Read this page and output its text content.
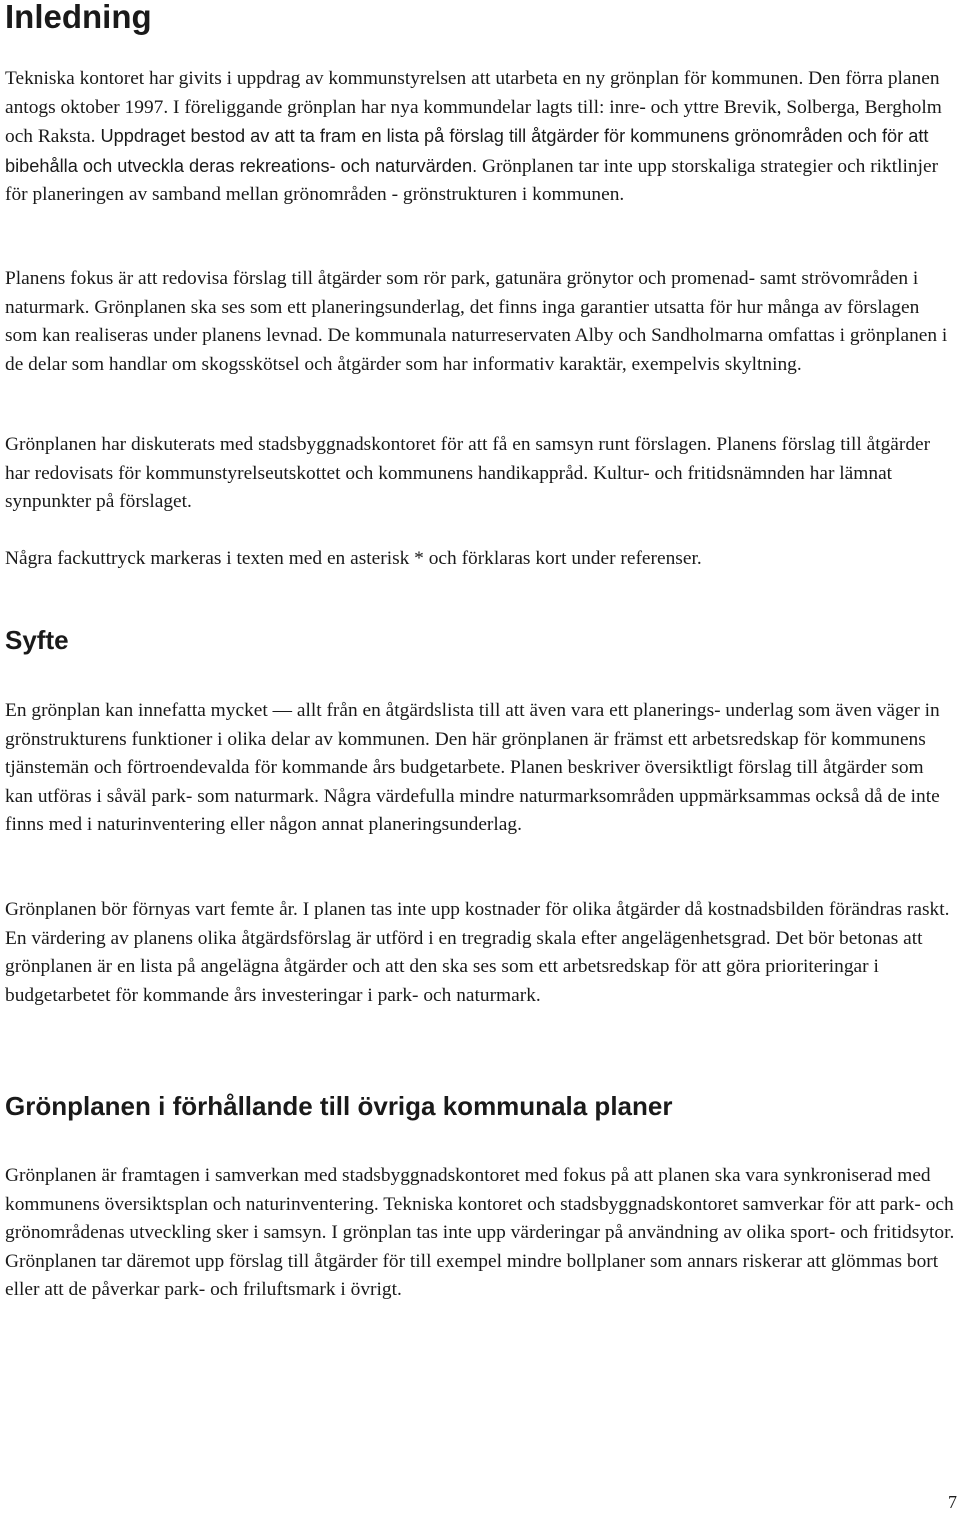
Inledning

Tekniska kontoret har givits i uppdrag av kommunstyrelsen att utarbeta en ny grönplan för kommunen. Den förra planen antogs oktober 1997. I föreliggande grönplan har nya kommundelar lagts till: inre- och yttre Brevik, Solberga, Bergholm och Raksta. Uppdraget bestod av att ta fram en lista på förslag till åtgärder för kommunens grönområden och för att bibehålla och utveckla deras rekreations- och naturvärden. Grönplanen tar inte upp storskaliga strategier och riktlinjer för planeringen av samband mellan grönområden - grönstrukturen i kommunen.

Planens fokus är att redovisa förslag till åtgärder som rör park, gatunära grönytor och promenad- samt strövområden i naturmark. Grönplanen ska ses som ett planeringsunderlag, det finns inga garantier utsatta för hur många av förslagen som kan realiseras under planens levnad. De kommunala naturreservaten Alby och Sandholmarna omfattas i grönplanen i de delar som handlar om skogsskötsel och åtgärder som har informativ karaktär, exempelvis skyltning.

Grönplanen har diskuterats med stadsbyggnadskontoret för att få en samsyn runt förslagen. Planens förslag till åtgärder har redovisats för kommunstyrelseutskottet och kommunens handikappråd. Kultur- och fritidsnämnden har lämnat synpunkter på förslaget.

Några fackuttryck markeras i texten med en asterisk * och förklaras kort under referenser.

Syfte

En grönplan kan innefatta mycket — allt från en åtgärdslista till att även vara ett planerings- underlag som även väger in grönstrukturens funktioner i olika delar av kommunen. Den här grönplanen är främst ett arbetsredskap för kommunens tjänstemän och förtroendevalda för kommande års budgetarbete. Planen beskriver översiktligt förslag till åtgärder som kan utföras i såväl park- som naturmark. Några värdefulla mindre naturmarksområden uppmärksammas också då de inte finns med i naturinventering eller någon annat planeringsunderlag.

Grönplanen bör förnyas vart femte år. I planen tas inte upp kostnader för olika åtgärder då kostnadsbilden förändras raskt. En värdering av planens olika åtgärdsförslag är utförd i en tregradig skala efter angelägenhetsgrad. Det bör betonas att grönplanen är en lista på angelägna åtgärder och att den ska ses som ett arbetsredskap för att göra prioriteringar i budgetarbetet för kommande års investeringar i park- och naturmark.

Grönplanen i förhållande till övriga kommunala planer

Grönplanen är framtagen i samverkan med stadsbyggnadskontoret med fokus på att planen ska vara synkroniserad med kommunens översiktsplan och naturinventering. Tekniska kontoret och stadsbyggnadskontoret samverkar för att park- och grönområdenas utveckling sker i samsyn. I grönplan tas inte upp värderingar på användning av olika sport- och fritidsytor. Grönplanen tar däremot upp förslag till åtgärder för till exempel mindre bollplaner som annars riskerar att glömmas bort eller att de påverkar park- och friluftsmark i övrigt.

7
